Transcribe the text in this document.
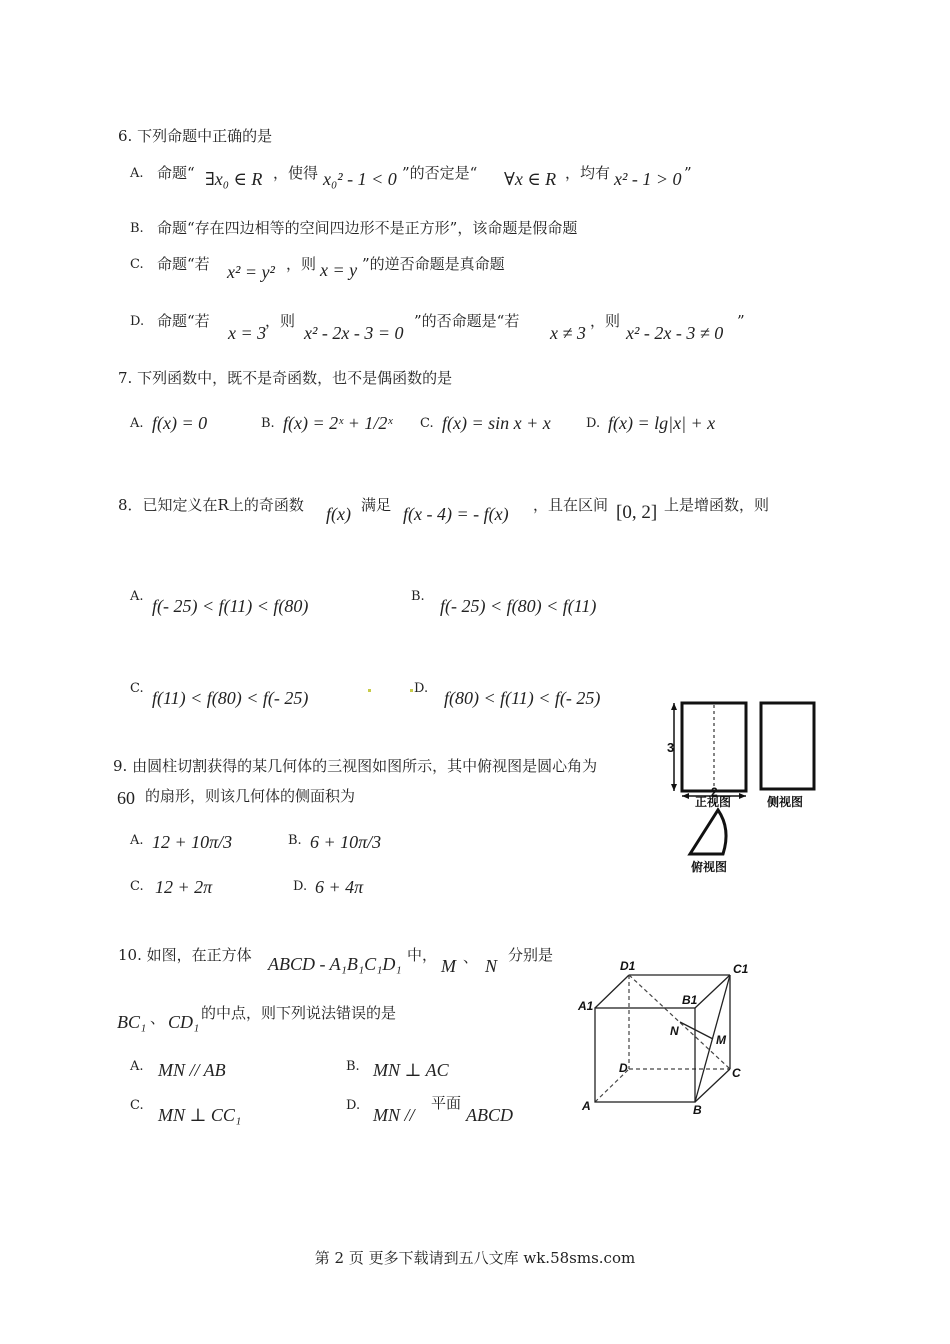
6. 下列命题中正确的是
A. 命题“ ∃x₀ ∈ R ，使得 x₀² - 1 < 0 ”的否定是“ ∀x ∈ R ，均有 x² - 1 > 0 ”
B. 命题“存在四边相等的空间四边形不是正方形”，该命题是假命题
C. 命题“若 x² = y² ，则 x = y ”的逆否命题是真命题
D. 命题“若
x = 3
，则
x² - 2x - 3 = 0
”的否命题是“若
x ≠ 3
，则
x² - 2x - 3 ≠ 0
”
7. 下列函数中，既不是奇函数，也不是偶函数的是
A. f(x) = 0	B. f(x) = 2ˣ + 1/2ˣ C. f(x) = sin x + x	D. f(x) = lg|x| + x
8．已知定义在R上的奇函数 f(x) 满足 f(x - 4) = - f(x) ，且在区间 [0, 2] 上是增函数，则
A. f(- 25) < f(11) < f(80)	B. f(- 25) < f(80) < f(11)
C. f(11) < f(80) < f(- 25)	D. f(80) < f(11) < f(- 25)
9. 由圆柱切割获得的某几何体的三视图如图所示，其中俯视图是圆心角为
60 的扇形，则该几何体的侧面积为
A. 12 + 10π/3	B. 6 + 10π/3
C. 12 + 2π	D. 6 + 4π
3
2
正视图	侧视图
俯视图
10. 如图，在正方体 ABCD - A₁B₁C₁D₁ 中，
M 、 N
分别是
BC₁ 、 CD₁ 的中点，则下列说法错误的是
A. MN // AB	B. MN ⊥ AC
C. MN ⊥ CC₁	D. MN //
平面
ABCD
D1	C1
A1	B1
N
M
D	C
A	B
第 2 页 更多下载请到五八文库 wk.58sms.com
